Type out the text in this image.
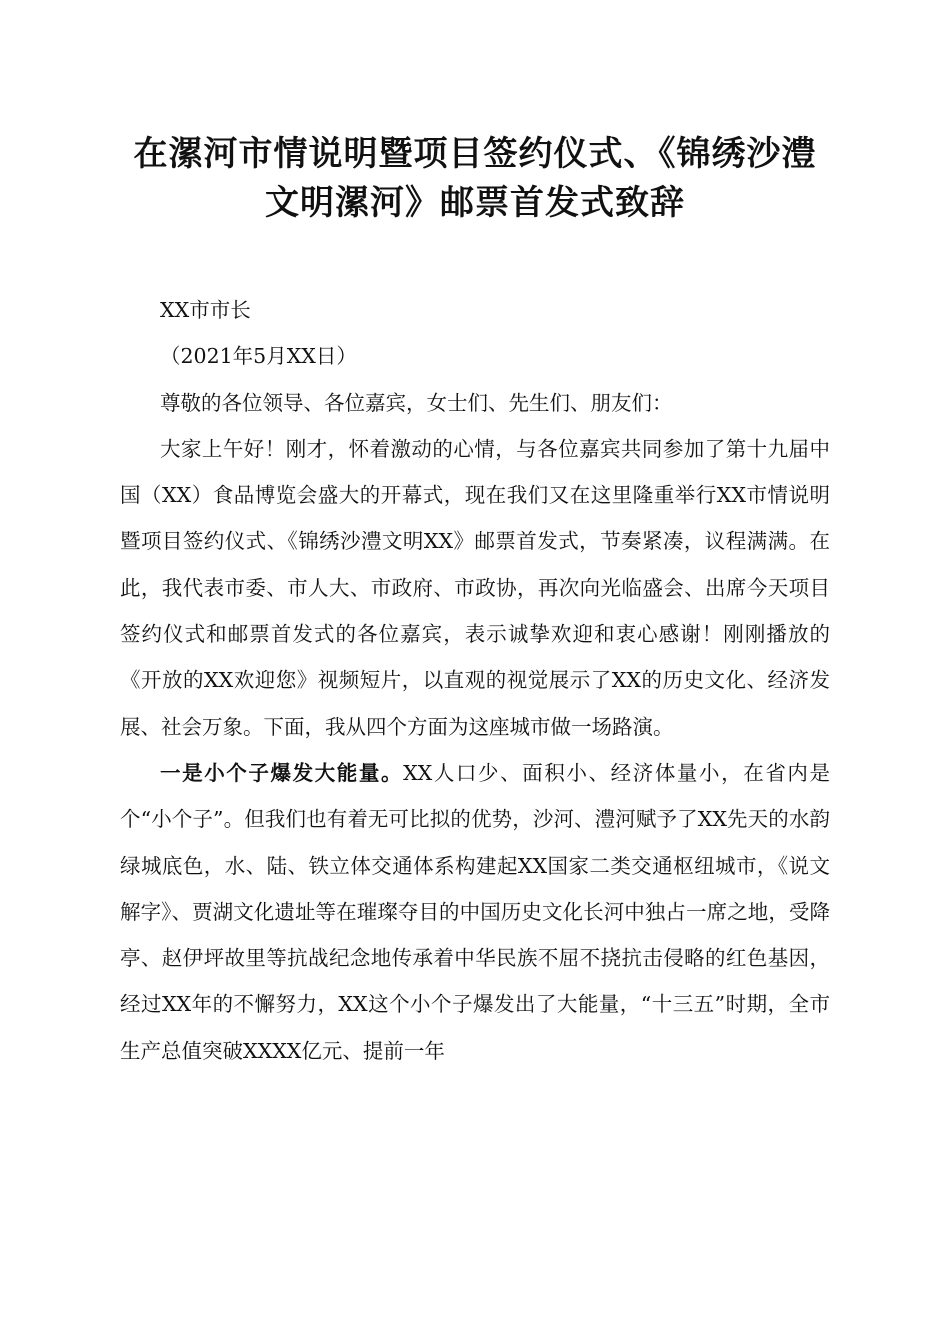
在漯河市情说明暨项目签约仪式、《锦绣沙澧
文明漯河》邮票首发式致辞

XX市市长

（2021年5月XX日）

尊敬的各位领导、各位嘉宾，女士们、先生们、朋友们：

大家上午好！刚才，怀着激动的心情，与各位嘉宾共同参加了第十九届中国（XX）食品博览会盛大的开幕式，现在我们又在这里隆重举行XX市情说明暨项目签约仪式、《锦绣沙澧文明XX》邮票首发式，节奏紧凑，议程满满。在此，我代表市委、市人大、市政府、市政协，再次向光临盛会、出席今天项目签约仪式和邮票首发式的各位嘉宾，表示诚挚欢迎和衷心感谢！刚刚播放的《开放的XX欢迎您》视频短片，以直观的视觉展示了XX的历史文化、经济发展、社会万象。下面，我从四个方面为这座城市做一场路演。

一是小个子爆发大能量。XX人口少、面积小、经济体量小，在省内是个“小个子”。但我们也有着无可比拟的优势，沙河、澧河赋予了XX先天的水韵绿城底色，水、陆、铁立体交通体系构建起XX国家二类交通枢纽城市，《说文解字》、贾湖文化遗址等在璀璨夺目的中国历史文化长河中独占一席之地，受降亭、赵伊坪故里等抗战纪念地传承着中华民族不屈不挠抗击侵略的红色基因，经过XX年的不懈努力，XX这个小个子爆发出了大能量，“十三五”时期，全市生产总值突破XXXX亿元、提前一年
